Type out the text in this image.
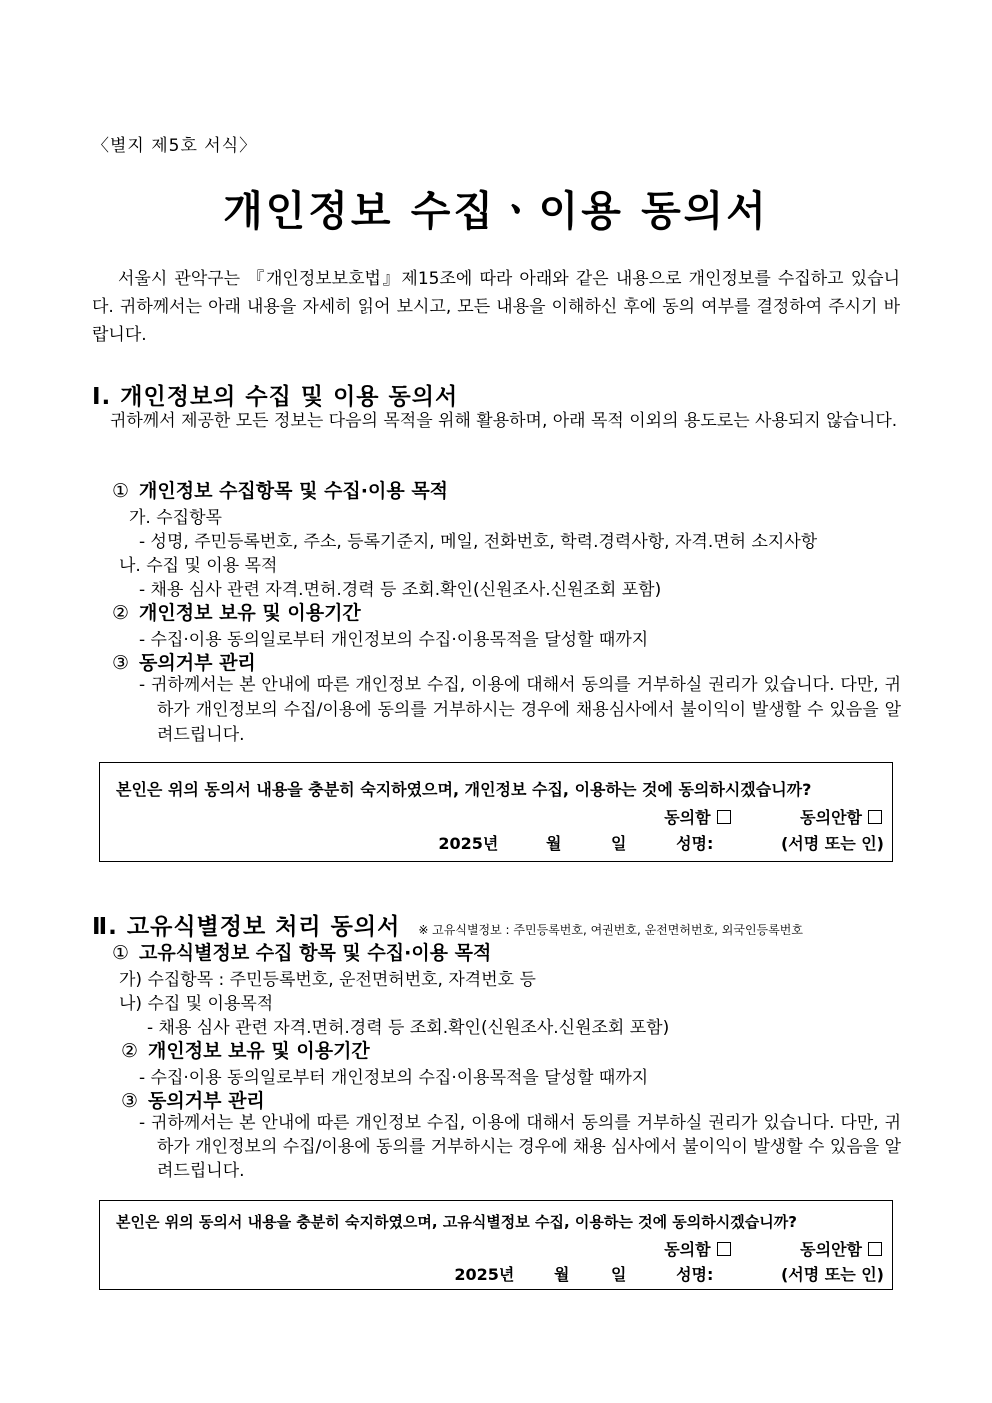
〈별지 제5호 서식〉
개인정보 수집ㆍ이용 동의서

서울시 관악구는 『개인정보보호법』제15조에 따라 아래와 같은 내용으로 개인정보를 수집하고 있습니다. 귀하께서는 아래 내용을 자세히 읽어 보시고, 모든 내용을 이해하신 후에 동의 여부를 결정하여 주시기 바랍니다.

Ⅰ. 개인정보의 수집 및 이용 동의서
귀하께서 제공한 모든 정보는 다음의 목적을 위해 활용하며, 아래 목적 이외의 용도로는 사용되지 않습니다.
① 개인정보 수집항목 및 수집·이용 목적
가. 수집항목
- 성명, 주민등록번호, 주소, 등록기준지, 메일, 전화번호, 학력.경력사항, 자격.면허 소지사항
나. 수집 및 이용 목적
- 채용 심사 관련 자격.면허.경력 등 조회.확인(신원조사.신원조회 포함)
② 개인정보 보유 및 이용기간
- 수집·이용 동의일로부터 개인정보의 수집·이용목적을 달성할 때까지
③ 동의거부 관리
- 귀하께서는 본 안내에 따른 개인정보 수집, 이용에 대해서 동의를 거부하실 권리가 있습니다. 다만, 귀하가 개인정보의 수집/이용에 동의를 거부하시는 경우에 채용심사에서 불이익이 발생할 수 있음을 알려드립니다.
본인은 위의 동의서 내용을 충분히 숙지하였으며, 개인정보 수집, 이용하는 것에 동의하시겠습니까?
동의함	동의안함
2025년	월	일	성명:	(서명 또는 인)
Ⅱ. 고유식별정보 처리 동의서 ※ 고유식별정보 : 주민등록번호, 여권번호, 운전면허번호, 외국인등록번호
① 고유식별정보 수집 항목 및 수집·이용 목적
가) 수집항목 : 주민등록번호, 운전면허번호, 자격번호 등
나) 수집 및 이용목적
- 채용 심사 관련 자격.면허.경력 등 조회.확인(신원조사.신원조회 포함)
② 개인정보 보유 및 이용기간
- 수집·이용 동의일로부터 개인정보의 수집·이용목적을 달성할 때까지
③ 동의거부 관리
- 귀하께서는 본 안내에 따른 개인정보 수집, 이용에 대해서 동의를 거부하실 권리가 있습니다. 다만, 귀하가 개인정보의 수집/이용에 동의를 거부하시는 경우에 채용 심사에서 불이익이 발생할 수 있음을 알려드립니다.
본인은 위의 동의서 내용을 충분히 숙지하였으며, 고유식별정보 수집, 이용하는 것에 동의하시겠습니까?
동의함	동의안함
2025년 월	일	성명:	(서명 또는 인)
